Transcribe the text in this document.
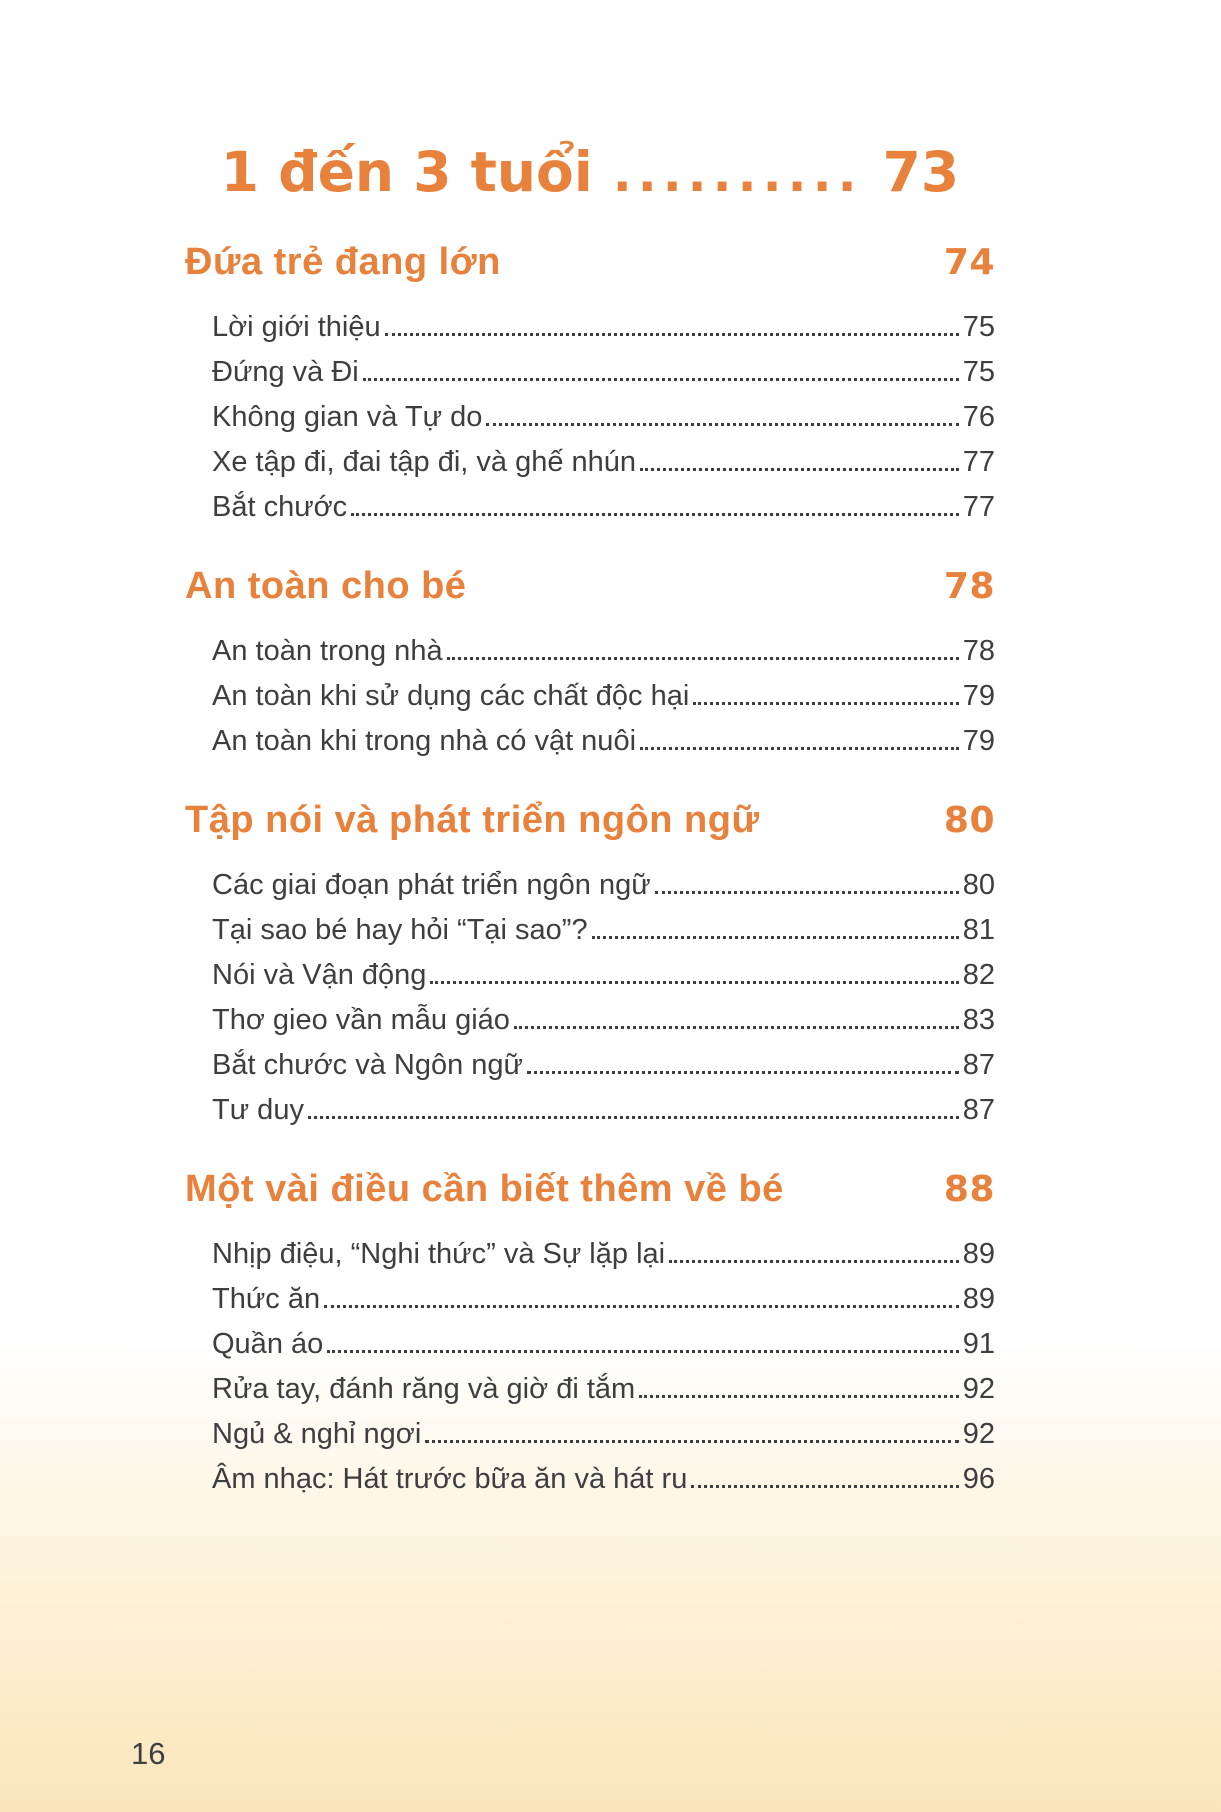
1 đến 3 tuổi .......... 73
Đứa trẻ đang lớn	74
Lời giới thiệu	75
Đứng và Đi	75
Không gian và Tự do	76
Xe tập đi, đai tập đi, và ghế nhún	77
Bắt chước	77
An toàn cho bé	78
An toàn trong nhà	78
An toàn khi sử dụng các chất độc hại	79
An toàn khi trong nhà có vật nuôi	79
Tập nói và phát triển ngôn ngữ	80
Các giai đoạn phát triển ngôn ngữ	80
Tại sao bé hay hỏi “Tại sao”?	81
Nói và Vận động	82
Thơ gieo vần mẫu giáo	83
Bắt chước và Ngôn ngữ	87
Tư duy	87
Một vài điều cần biết thêm về bé	88
Nhịp điệu, “Nghi thức” và Sự lặp lại	89
Thức ăn	89
Quần áo	91
Rửa tay, đánh răng và giờ đi tắm	92
Ngủ & nghỉ ngơi	92
Âm nhạc: Hát trước bữa ăn và hát ru	96
16
